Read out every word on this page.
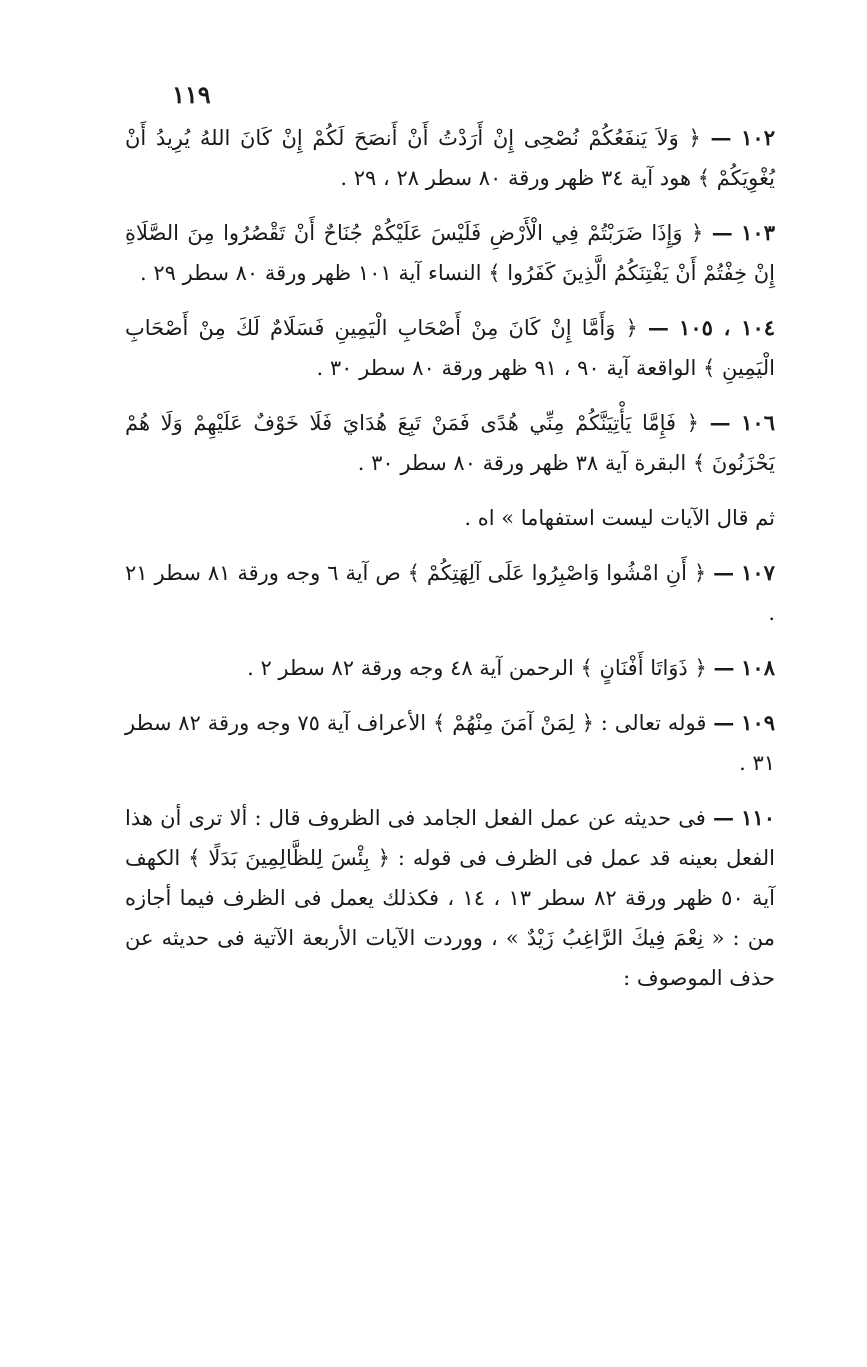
١١٩

١٠٢ — ﴿ وَلاَ يَنفَعُكُمْ نُصْحِى إِنْ أَرَدْتُ أَنْ أَنصَحَ لَكُمْ إِنْ كَانَ اللهُ يُرِيدُ أَنْ يُغْوِيَكُمْ ﴾ هود آية ٣٤ ظهر ورقة ٨٠ سطر ٢٨ ، ٢٩ .

١٠٣ — ﴿ وَإِذَا ضَرَبْتُمْ فِي الْأَرْضِ فَلَيْسَ عَلَيْكُمْ جُنَاحٌ أَنْ تَقْصُرُوا مِنَ الصَّلَاةِ إِنْ خِفْتُمْ أَنْ يَفْتِنَكُمُ الَّذِينَ كَفَرُوا ﴾ النساء آية ١٠١ ظهر ورقة ٨٠ سطر ٢٩ .

١٠٤ ، ١٠٥ — ﴿ وَأَمَّا إِنْ كَانَ مِنْ أَصْحَابِ الْيَمِينِ فَسَلَامٌ لَكَ مِنْ أَصْحَابِ الْيَمِينِ ﴾ الواقعة آية ٩٠ ، ٩١ ظهر ورقة ٨٠ سطر ٣٠ .

١٠٦ — ﴿ فَإِمَّا يَأْتِيَنَّكُمْ مِنِّي هُدًى فَمَنْ تَبِعَ هُدَايَ فَلَا خَوْفٌ عَلَيْهِمْ وَلَا هُمْ يَحْزَنُونَ ﴾ البقرة آية ٣٨ ظهر ورقة ٨٠ سطر ٣٠ .

ثم قال الآيات ليست استفهاما » اه .

١٠٧ — ﴿ أَنِ امْشُوا وَاصْبِرُوا عَلَى آلِهَتِكُمْ ﴾ ص آية ٦ وجه ورقة ٨١ سطر ٢١ .

١٠٨ — ﴿ ذَوَاتَا أَفْنَانٍ ﴾ الرحمن آية ٤٨ وجه ورقة ٨٢ سطر ٢ .

١٠٩ — قوله تعالى : ﴿ لِمَنْ آمَنَ مِنْهُمْ ﴾ الأعراف آية ٧٥ وجه ورقة ٨٢ سطر ٣١ .

١١٠ — فى حديثه عن عمل الفعل الجامد فى الظروف قال : ألا ترى أن هذا الفعل بعينه قد عمل فى الظرف فى قوله : ﴿ بِئْسَ لِلظَّالِمِينَ بَدَلًا ﴾ الكهف آية ٥٠ ظهر ورقة ٨٢ سطر ١٣ ، ١٤ ، فكذلك يعمل فى الظرف فيما أجازه من : « نِعْمَ فِيكَ الرَّاغِبُ زَيْدٌ » ، ووردت الآيات الأربعة الآتية فى حديثه عن حذف الموصوف :
